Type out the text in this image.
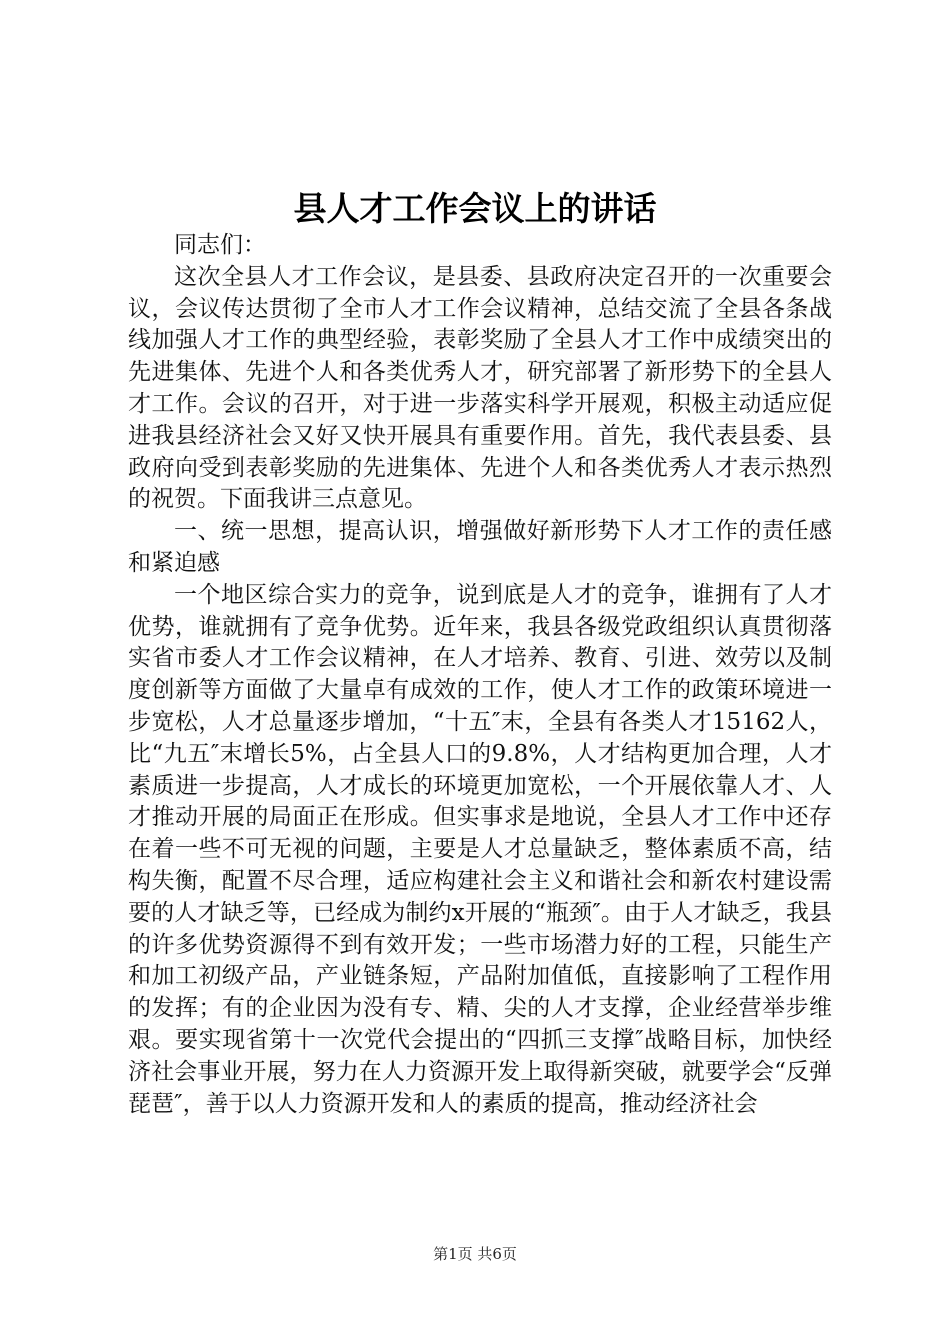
县人才工作会议上的讲话

同志们：

这次全县人才工作会议，是县委、县政府决定召开的一次重要会议，会议传达贯彻了全市人才工作会议精神，总结交流了全县各条战线加强人才工作的典型经验，表彰奖励了全县人才工作中成绩突出的先进集体、先进个人和各类优秀人才，研究部署了新形势下的全县人才工作。会议的召开，对于进一步落实科学开展观，积极主动适应促进我县经济社会又好又快开展具有重要作用。首先，我代表县委、县政府向受到表彰奖励的先进集体、先进个人和各类优秀人才表示热烈的祝贺。下面我讲三点意见。

一、统一思想，提高认识，增强做好新形势下人才工作的责任感和紧迫感

一个地区综合实力的竞争，说到底是人才的竞争，谁拥有了人才优势，谁就拥有了竞争优势。近年来，我县各级党政组织认真贯彻落实省市委人才工作会议精神，在人才培养、教育、引进、效劳以及制度创新等方面做了大量卓有成效的工作，使人才工作的政策环境进一步宽松，人才总量逐步增加，“十五″末，全县有各类人才15162人，比“九五″末增长5%，占全县人口的9.8%，人才结构更加合理，人才素质进一步提高，人才成长的环境更加宽松，一个开展依靠人才、人才推动开展的局面正在形成。但实事求是地说，全县人才工作中还存在着一些不可无视的问题，主要是人才总量缺乏，整体素质不高，结构失衡，配置不尽合理，适应构建社会主义和谐社会和新农村建设需要的人才缺乏等，已经成为制约x开展的“瓶颈″。由于人才缺乏，我县的许多优势资源得不到有效开发；一些市场潜力好的工程，只能生产和加工初级产品，产业链条短，产品附加值低，直接影响了工程作用的发挥；有的企业因为没有专、精、尖的人才支撑，企业经营举步维艰。要实现省第十一次党代会提出的“四抓三支撑″战略目标，加快经济社会事业开展，努力在人力资源开发上取得新突破，就要学会“反弹琵琶″，善于以人力资源开发和人的素质的提高，推动经济社会

第1页 共6页
